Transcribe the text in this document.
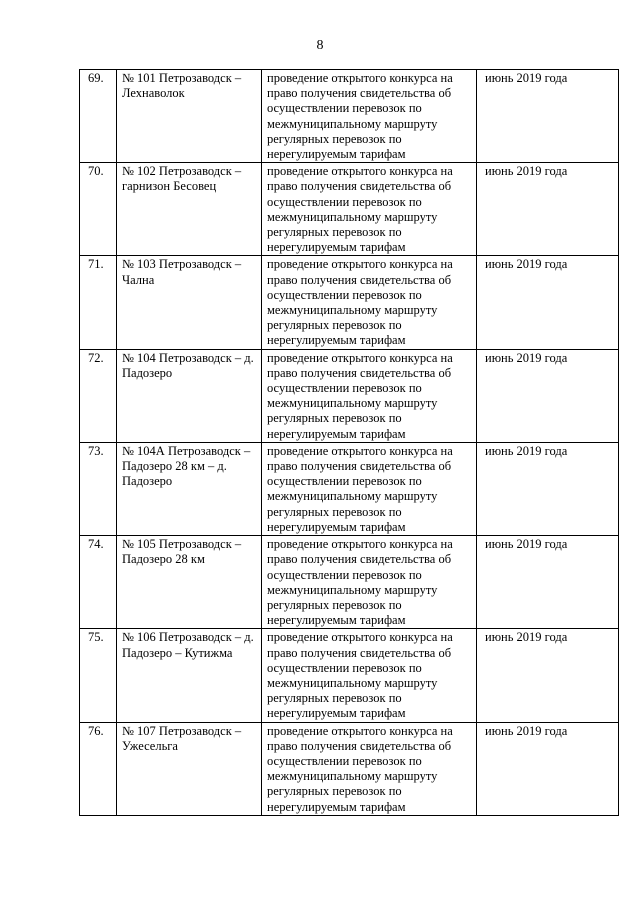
8
69.	№ 101 Петрозаводск – Лехнаволок	проведение открытого конкурса на право получения свидетельства об осуществлении перевозок по межмуниципальному маршруту регулярных перевозок по нерегулируемым тарифам	июнь 2019 года
70.	№ 102 Петрозаводск – гарнизон Бесовец	проведение открытого конкурса на право получения свидетельства об осуществлении перевозок по межмуниципальному маршруту регулярных перевозок по нерегулируемым тарифам	июнь 2019 года
71.	№ 103 Петрозаводск – Чална	проведение открытого конкурса на право получения свидетельства об осуществлении перевозок по межмуниципальному маршруту регулярных перевозок по нерегулируемым тарифам	июнь 2019 года
72.	№ 104 Петрозаводск – д. Падозеро	проведение открытого конкурса на право получения свидетельства об осуществлении перевозок по межмуниципальному маршруту регулярных перевозок по нерегулируемым тарифам	июнь 2019 года
73.	№ 104А Петрозаводск – Падозеро 28 км – д. Падозеро	проведение открытого конкурса на право получения свидетельства об осуществлении перевозок по межмуниципальному маршруту регулярных перевозок по нерегулируемым тарифам	июнь 2019 года
74.	№ 105 Петрозаводск – Падозеро 28 км	проведение открытого конкурса на право получения свидетельства об осуществлении перевозок по межмуниципальному маршруту регулярных перевозок по нерегулируемым тарифам	июнь 2019 года
75.	№ 106 Петрозаводск – д. Падозеро – Кутижма	проведение открытого конкурса на право получения свидетельства об осуществлении перевозок по межмуниципальному маршруту регулярных перевозок по нерегулируемым тарифам	июнь 2019 года
76.	№ 107 Петрозаводск – Ужесельга	проведение открытого конкурса на право получения свидетельства об осуществлении перевозок по межмуниципальному маршруту регулярных перевозок по нерегулируемым тарифам	июнь 2019 года
